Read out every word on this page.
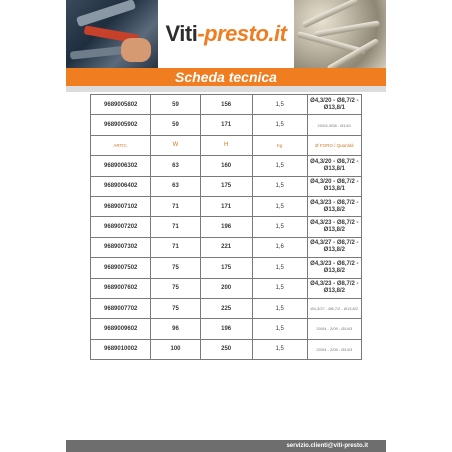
Viti-presto.it
Scheda tecnica
9689005802	59	156	1,5	Ø4,3/20 - Ø8,7/2 - Ø13,8/1
9689005902	59	171	1,5	20/04-3/08 - Ø14/1
ARTIC.	W	H	Kg	Ø FORO / Quantità
9689006302	63	160	1,5	Ø4,3/20 - Ø8,7/2 - Ø13,8/1
9689006402	63	175	1,5	Ø4,3/20 - Ø8,7/2 - Ø13,8/1
9689007102	71	171	1,5	Ø4,3/23 - Ø8,7/2 - Ø13,8/2
9689007202	71	196	1,5	Ø4,3/23 - Ø8,7/2 - Ø13,8/2
9689007302	71	221	1,6	Ø4,3/27 - Ø8,7/2 - Ø13,8/2
9689007502	75	175	1,5	Ø4,3/23 - Ø8,7/2 - Ø13,8/2
9689007602	75	200	1,5	Ø4,3/23 - Ø8,7/2 - Ø13,8/2
9689007702	75	225	1,5	Ø4,3/27 - Ø8,7/2 - Ø13,8/2
9689009602	96	196	1,5	20/04 - 2/09 - Ø14/3
9689010002	100	250	1,5	20/04 - 2/09 - Ø14/3
servizio.clienti@viti-presto.it
